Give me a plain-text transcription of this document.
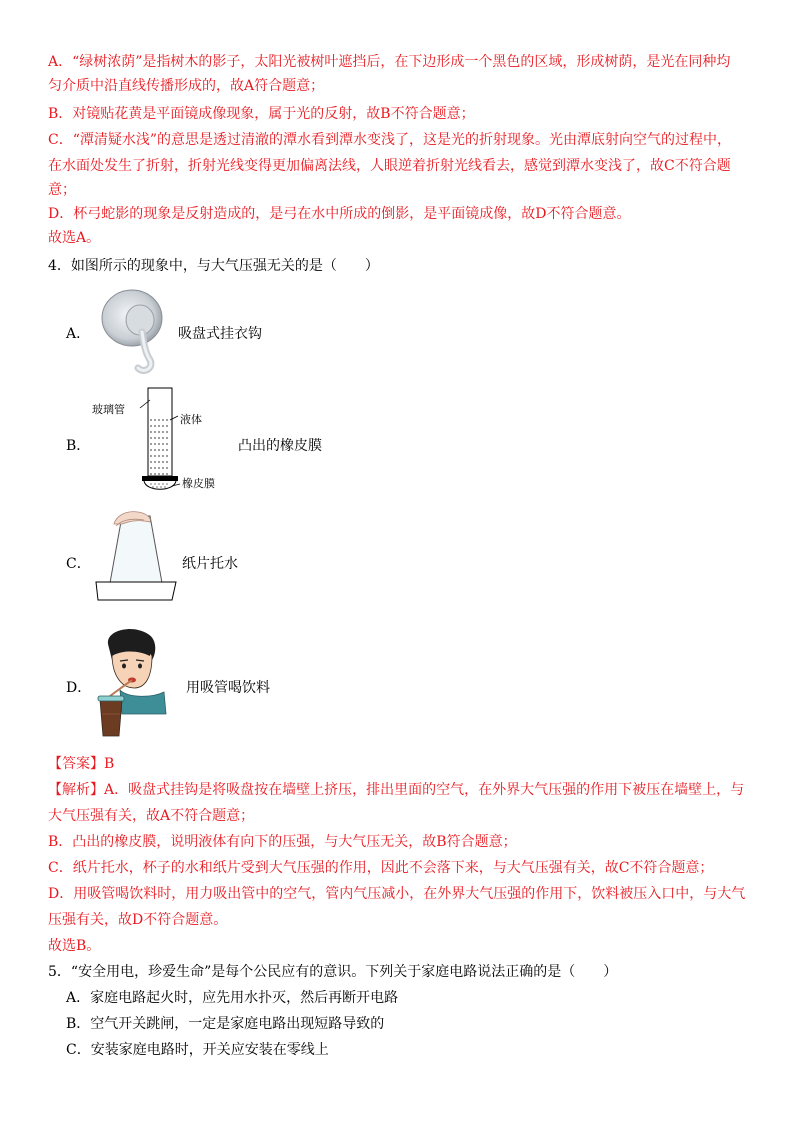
A．“绿树浓荫”是指树木的影子，太阳光被树叶遮挡后，在下边形成一个黑色的区域，形成树荫，是光在同种均
匀介质中沿直线传播形成的，故A符合题意；
B．对镜贴花黄是平面镜成像现象，属于光的反射，故B不符合题意；
C．“潭清疑水浅”的意思是透过清澈的潭水看到潭水变浅了，这是光的折射现象。光由潭底射向空气的过程中，
在水面处发生了折射，折射光线变得更加偏离法线，人眼逆着折射光线看去，感觉到潭水变浅了，故C不符合题
意；
D．杯弓蛇影的现象是反射造成的，是弓在水中所成的倒影，是平面镜成像，故D不符合题意。
故选A。
4．如图所示的现象中，与大气压强无关的是（　　）
A．	吸盘式挂衣钩
B．
玻璃管
液体
橡皮膜
凸出的橡皮膜
C．	纸片托水
D．	用吸管喝饮料
【答案】B
【解析】A．吸盘式挂钩是将吸盘按在墙壁上挤压，排出里面的空气，在外界大气压强的作用下被压在墙壁上，与
大气压强有关，故A不符合题意；
B．凸出的橡皮膜，说明液体有向下的压强，与大气压无关，故B符合题意；
C．纸片托水，杯子的水和纸片受到大气压强的作用，因此不会落下来，与大气压强有关，故C不符合题意；
D．用吸管喝饮料时，用力吸出管中的空气，管内气压减小，在外界大气压强的作用下，饮料被压入口中，与大气
压强有关，故D不符合题意。
故选B。
5．“安全用电，珍爱生命”是每个公民应有的意识。下列关于家庭电路说法正确的是（　　）
A．家庭电路起火时，应先用水扑灭，然后再断开电路
B．空气开关跳闸，一定是家庭电路出现短路导致的
C．安装家庭电路时，开关应安装在零线上
